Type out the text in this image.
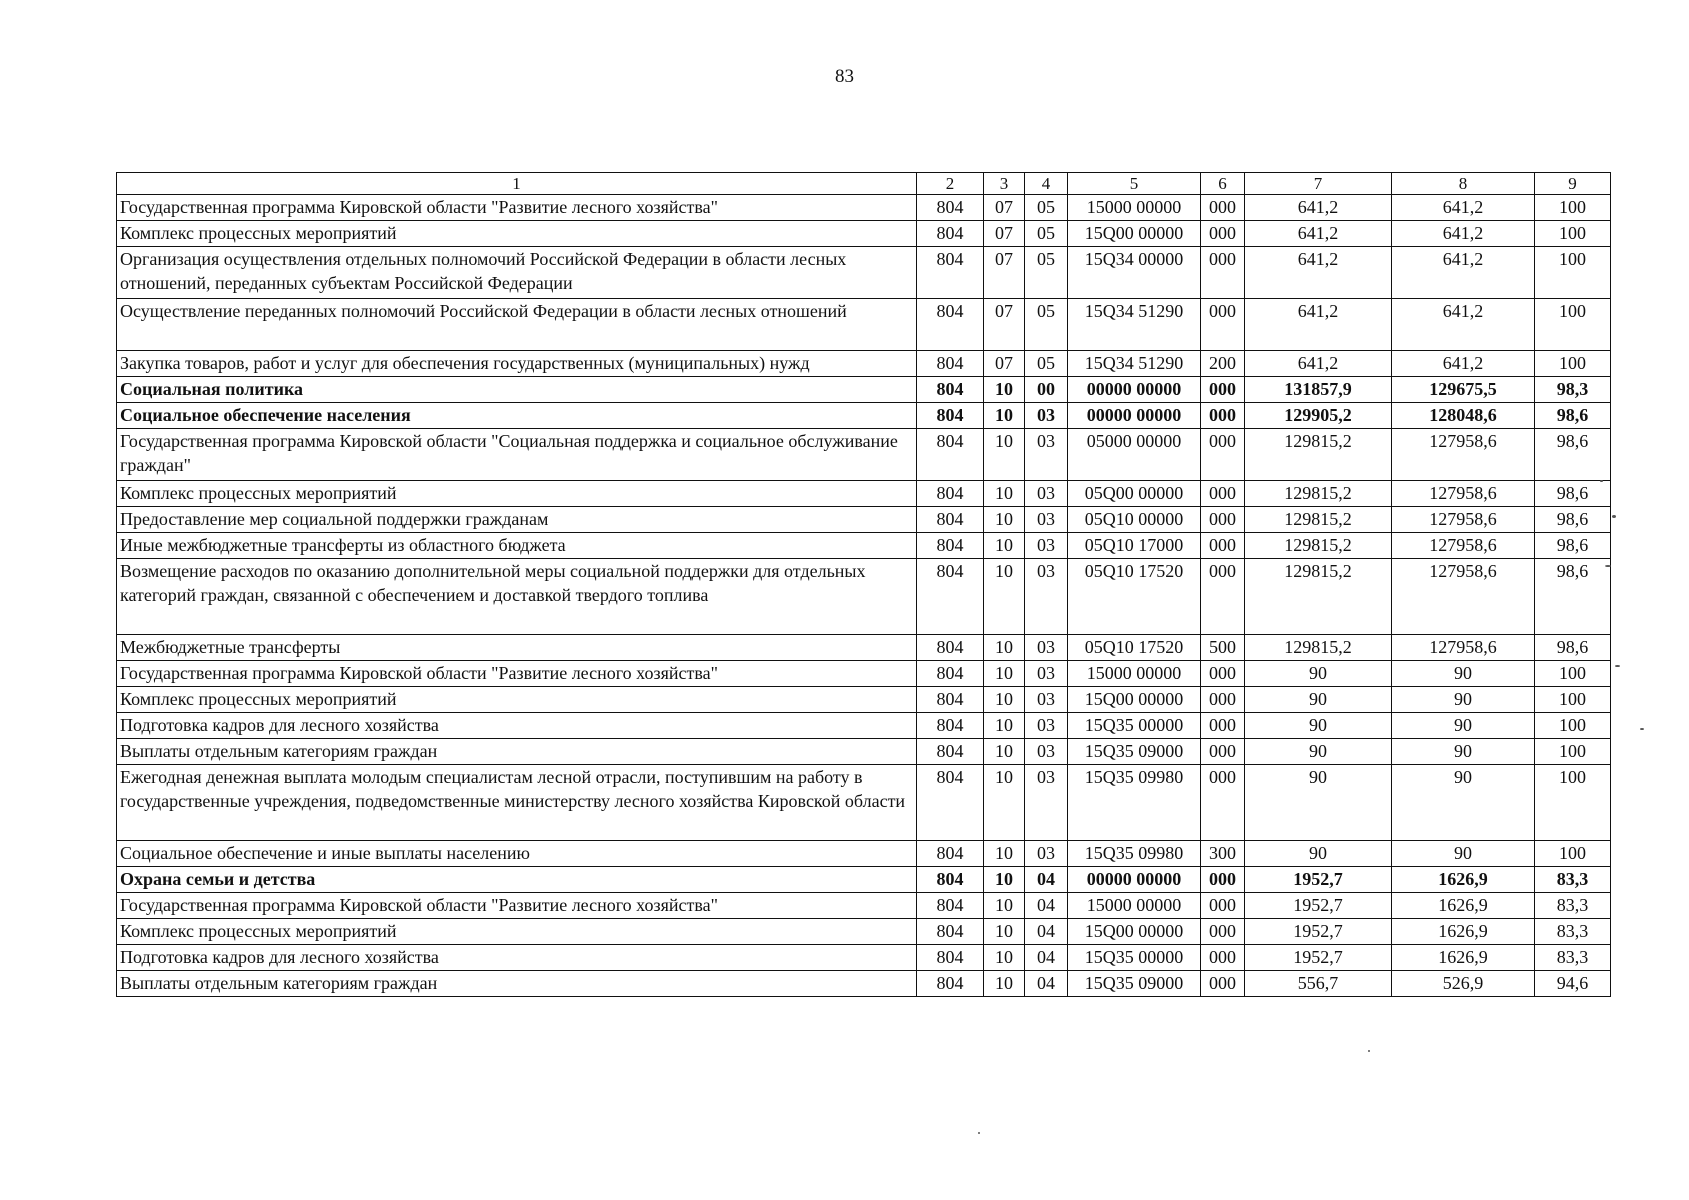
83
1	2	3	4	5	6	7	8	9
Государственная программа Кировской области "Развитие лесного хозяйства"	804	07	05	15000 00000	000	641,2	641,2	100
Комплекс процессных мероприятий	804	07	05	15Q00 00000	000	641,2	641,2	100
Организация осуществления отдельных полномочий Российской Федерации в области лесных отношений, переданных субъектам Российской Федерации	804	07	05	15Q34 00000	000	641,2	641,2	100
Осуществление переданных полномочий Российской Федерации в области лесных отношений	804	07	05	15Q34 51290	000	641,2	641,2	100
Закупка товаров, работ и услуг для обеспечения государственных (муниципальных) нужд	804	07	05	15Q34 51290	200	641,2	641,2	100
Социальная политика	804	10	00	00000 00000	000	131857,9	129675,5	98,3
Социальное обеспечение населения	804	10	03	00000 00000	000	129905,2	128048,6	98,6
Государственная программа Кировской области "Социальная поддержка и социальное обслуживание граждан"	804	10	03	05000 00000	000	129815,2	127958,6	98,6
Комплекс процессных мероприятий	804	10	03	05Q00 00000	000	129815,2	127958,6	98,6
Предоставление мер социальной поддержки гражданам	804	10	03	05Q10 00000	000	129815,2	127958,6	98,6
Иные межбюджетные трансферты из областного бюджета	804	10	03	05Q10 17000	000	129815,2	127958,6	98,6
Возмещение расходов по оказанию дополнительной меры социальной поддержки для отдельных категорий граждан, связанной с обеспечением и доставкой твердого топлива	804	10	03	05Q10 17520	000	129815,2	127958,6	98,6
Межбюджетные трансферты	804	10	03	05Q10 17520	500	129815,2	127958,6	98,6
Государственная программа Кировской области "Развитие лесного хозяйства"	804	10	03	15000 00000	000	90	90	100
Комплекс процессных мероприятий	804	10	03	15Q00 00000	000	90	90	100
Подготовка кадров для лесного хозяйства	804	10	03	15Q35 00000	000	90	90	100
Выплаты отдельным категориям граждан	804	10	03	15Q35 09000	000	90	90	100
Ежегодная денежная выплата молодым специалистам лесной отрасли, поступившим на работу в государственные учреждения, подведомственные министерству лесного хозяйства Кировской области	804	10	03	15Q35 09980	000	90	90	100
Социальное обеспечение и иные выплаты населению	804	10	03	15Q35 09980	300	90	90	100
Охрана семьи и детства	804	10	04	00000 00000	000	1952,7	1626,9	83,3
Государственная программа Кировской области "Развитие лесного хозяйства"	804	10	04	15000 00000	000	1952,7	1626,9	83,3
Комплекс процессных мероприятий	804	10	04	15Q00 00000	000	1952,7	1626,9	83,3
Подготовка кадров для лесного хозяйства	804	10	04	15Q35 00000	000	1952,7	1626,9	83,3
Выплаты отдельным категориям граждан	804	10	04	15Q35 09000	000	556,7	526,9	94,6
